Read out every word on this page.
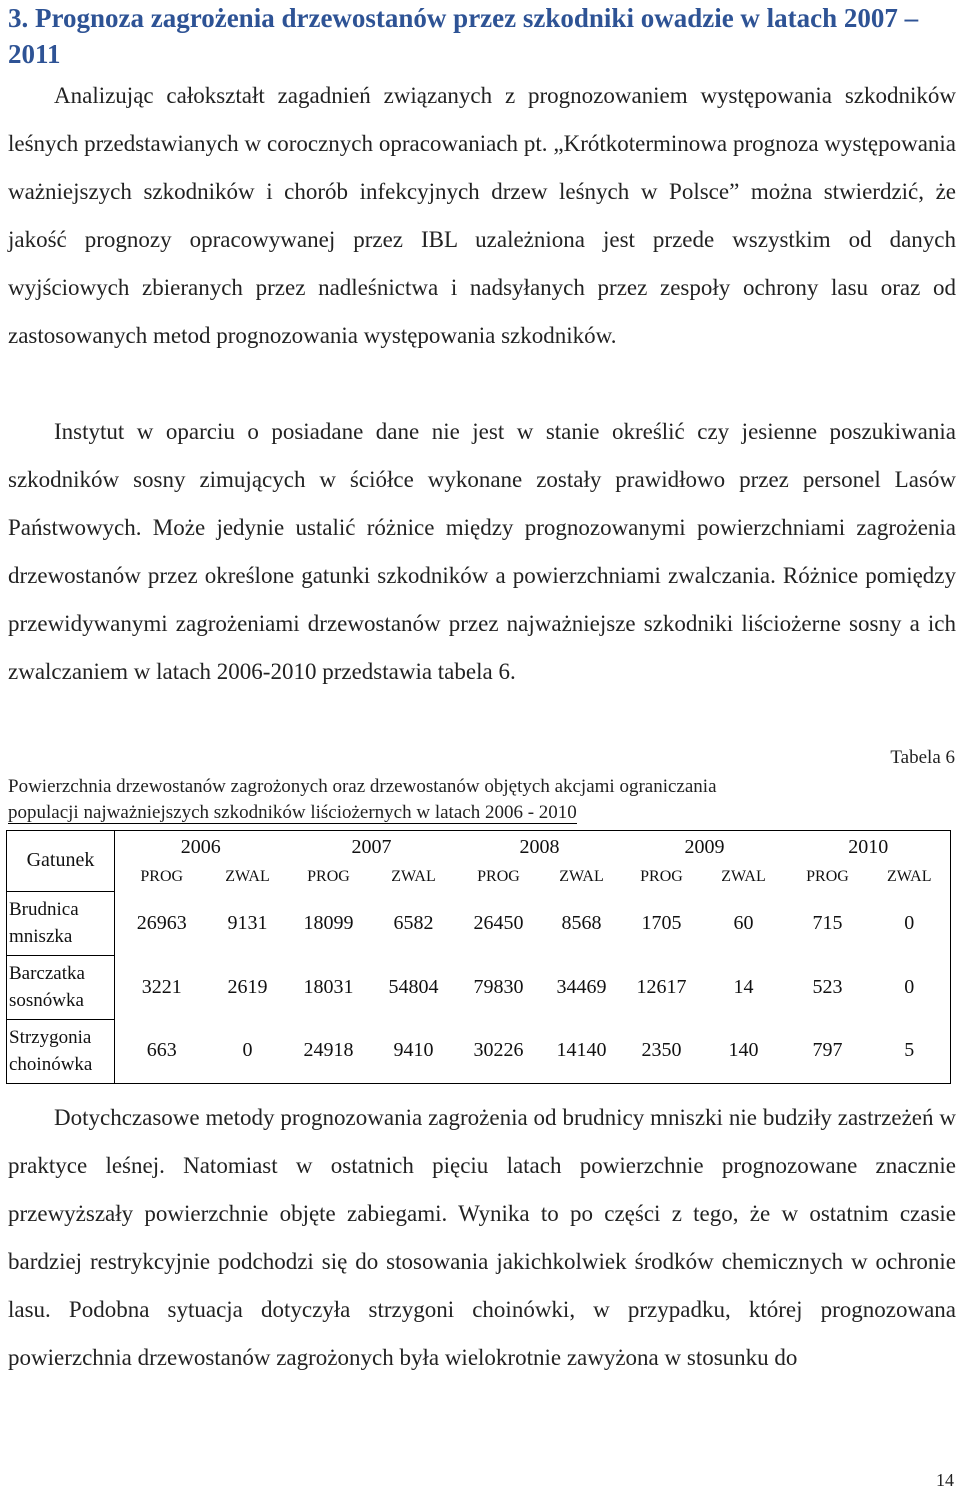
3. Prognoza zagrożenia drzewostanów przez szkodniki owadzie w latach 2007 – 2011

Analizując całokształt zagadnień związanych z prognozowaniem występowania szkodników leśnych przedstawianych w corocznych opracowaniach pt. „Krótkoterminowa prognoza występowania ważniejszych szkodników i chorób infekcyjnych drzew leśnych w Polsce” można stwierdzić, że jakość prognozy opracowywanej przez IBL uzależniona jest przede wszystkim od danych wyjściowych zbieranych przez nadleśnictwa i nadsyłanych przez zespoły ochrony lasu oraz od zastosowanych metod prognozowania występowania szkodników.

Instytut w oparciu o posiadane dane nie jest w stanie określić czy jesienne poszukiwania szkodników sosny zimujących w ściółce wykonane zostały prawidłowo przez personel Lasów Państwowych. Może jedynie ustalić różnice między prognozowanymi powierzchniami zagrożenia drzewostanów przez określone gatunki szkodników a powierzchniami zwalczania. Różnice pomiędzy przewidywanymi zagrożeniami drzewostanów przez najważniejsze szkodniki liściożerne sosny a ich zwalczaniem w latach 2006-2010 przedstawia tabela 6.

Tabela 6

Powierzchnia drzewostanów zagrożonych oraz drzewostanów objętych akcjami ograniczania
populacji najważniejszych szkodników liściożernych w latach 2006 - 2010

Gatunek	2006		2007		2008		2009		2010	
	PROG	ZWAL	PROG	ZWAL	PROG	ZWAL	PROG	ZWAL	PROG	ZWAL
Brudnica mniszka	26963	9131	18099	6582	26450	8568	1705	60	715	0
Barczatka sosnówka	3221	2619	18031	54804	79830	34469	12617	14	523	0
Strzygonia choinówka	663	0	24918	9410	30226	14140	2350	140	797	5

Dotychczasowe metody prognozowania zagrożenia od brudnicy mniszki nie budziły zastrzeżeń w praktyce leśnej. Natomiast w ostatnich pięciu latach powierzchnie prognozowane znacznie przewyższały powierzchnie objęte zabiegami. Wynika to po części z tego, że w ostatnim czasie bardziej restrykcyjnie podchodzi się do stosowania jakichkolwiek środków chemicznych w ochronie lasu. Podobna sytuacja dotyczyła strzygoni choinówki, w przypadku, której prognozowana powierzchnia drzewostanów zagrożonych była wielokrotnie zawyżona w stosunku do

14
